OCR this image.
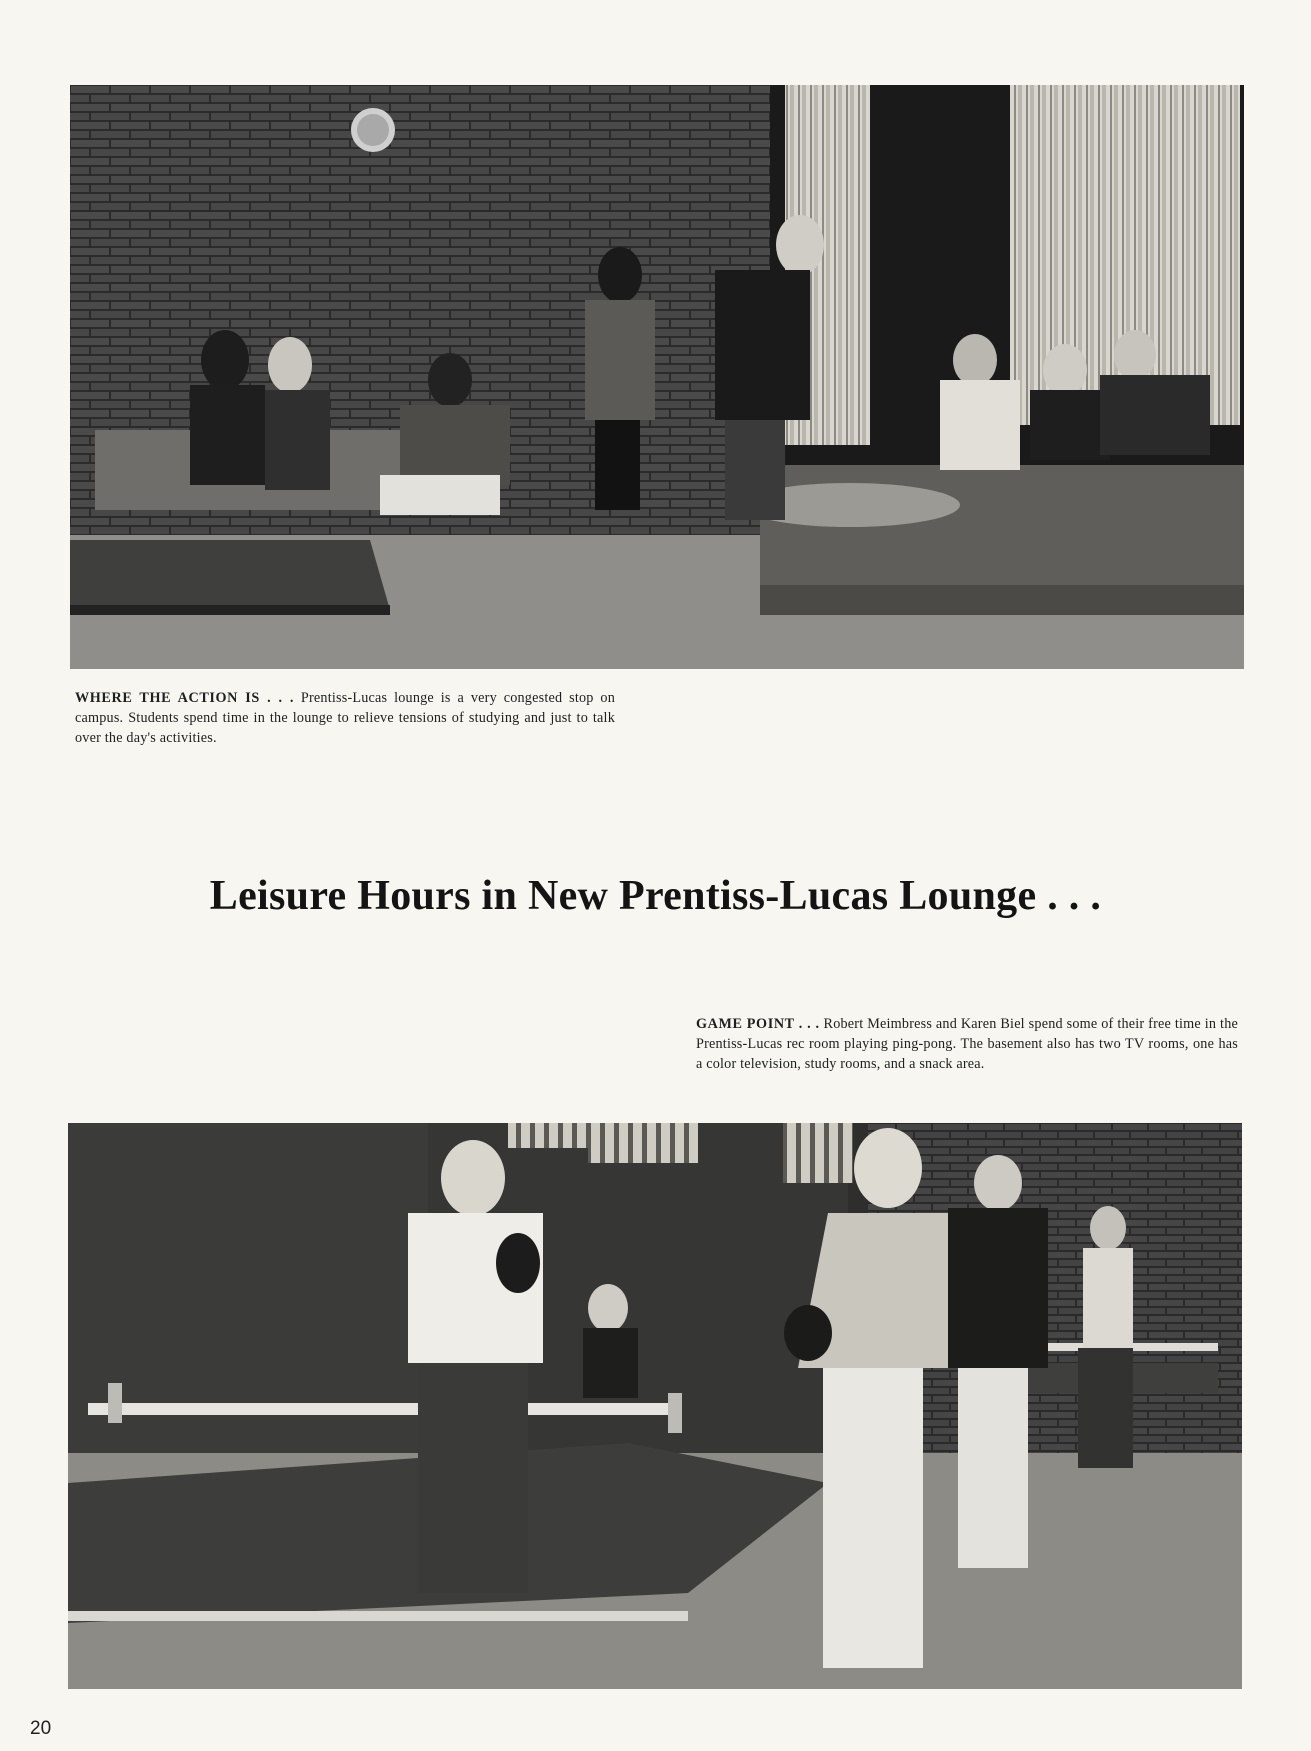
WHERE THE ACTION IS . . . Prentiss-Lucas lounge is a very congested stop on campus. Students spend time in the lounge to relieve tensions of studying and just to talk over the day's activities.
Leisure Hours in New Prentiss-Lucas Lounge . . .
GAME POINT . . . Robert Meimbress and Karen Biel spend some of their free time in the Prentiss-Lucas rec room playing ping-pong. The basement also has two TV rooms, one has a color television, study rooms, and a snack area.
20
